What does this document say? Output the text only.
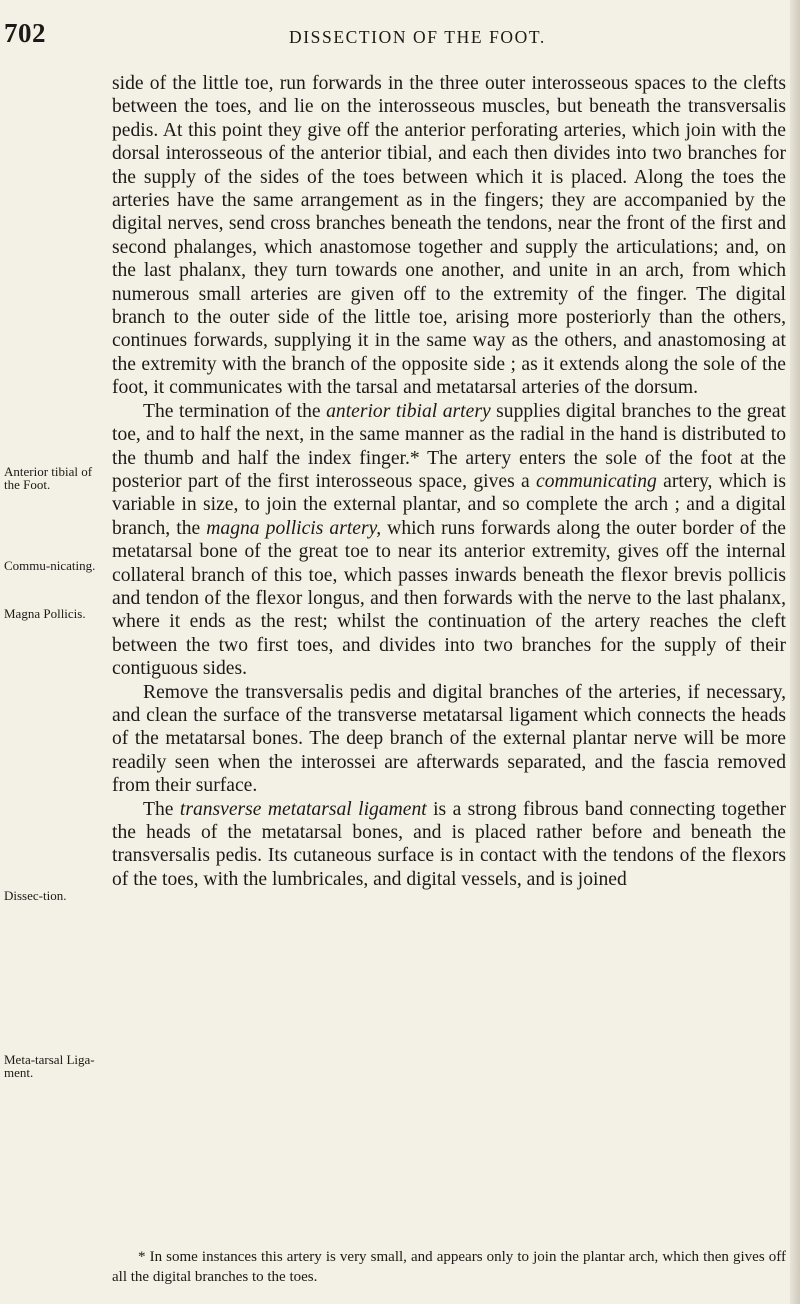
702	DISSECTION OF THE FOOT.

side of the little toe, run forwards in the three outer interosseous spaces to the clefts between the toes, and lie on the interosseous muscles, but beneath the transversalis pedis. At this point they give off the anterior perforating arteries, which join with the dorsal interosseous of the anterior tibial, and each then divides into two branches for the supply of the sides of the toes between which it is placed. Along the toes the arteries have the same arrangement as in the fingers; they are accompanied by the digital nerves, send cross branches beneath the tendons, near the front of the first and second phalanges, which anastomose together and supply the articulations; and, on the last phalanx, they turn towards one another, and unite in an arch, from which numerous small arteries are given off to the extremity of the finger. The digital branch to the outer side of the little toe, arising more posteriorly than the others, continues forwards, supplying it in the same way as the others, and anastomosing at the extremity with the branch of the opposite side ; as it extends along the sole of the foot, it communicates with the tarsal and metatarsal arteries of the dorsum.

The termination of the anterior tibial artery supplies digital branches to the great toe, and to half the next, in the same manner as the radial in the hand is distributed to the thumb and half the index finger.* The artery enters the sole of the foot at the posterior part of the first interosseous space, gives a communicating artery, which is variable in size, to join the external plantar, and so complete the arch ; and a digital branch, the magna pollicis artery, which runs forwards along the outer border of the metatarsal bone of the great toe to near its anterior extremity, gives off the internal collateral branch of this toe, which passes inwards beneath the flexor brevis pollicis and tendon of the flexor longus, and then forwards with the nerve to the last phalanx, where it ends as the rest; whilst the continuation of the artery reaches the cleft between the two first toes, and divides into two branches for the supply of their contiguous sides.

Remove the transversalis pedis and digital branches of the arteries, if necessary, and clean the surface of the transverse metatarsal ligament which connects the heads of the metatarsal bones. The deep branch of the external plantar nerve will be more readily seen when the interossei are afterwards separated, and the fascia removed from their surface.

The transverse metatarsal ligament is a strong fibrous band connecting together the heads of the metatarsal bones, and is placed rather before and beneath the transversalis pedis. Its cutaneous surface is in contact with the tendons of the flexors of the toes, with the lumbricales, and digital vessels, and is joined

Anterior tibial of the Foot.
Commu-nicating.
Magna Pollicis.
Dissec-tion.
Meta-tarsal Liga-ment.
* In some instances this artery is very small, and appears only to join the plantar arch, which then gives off all the digital branches to the toes.
